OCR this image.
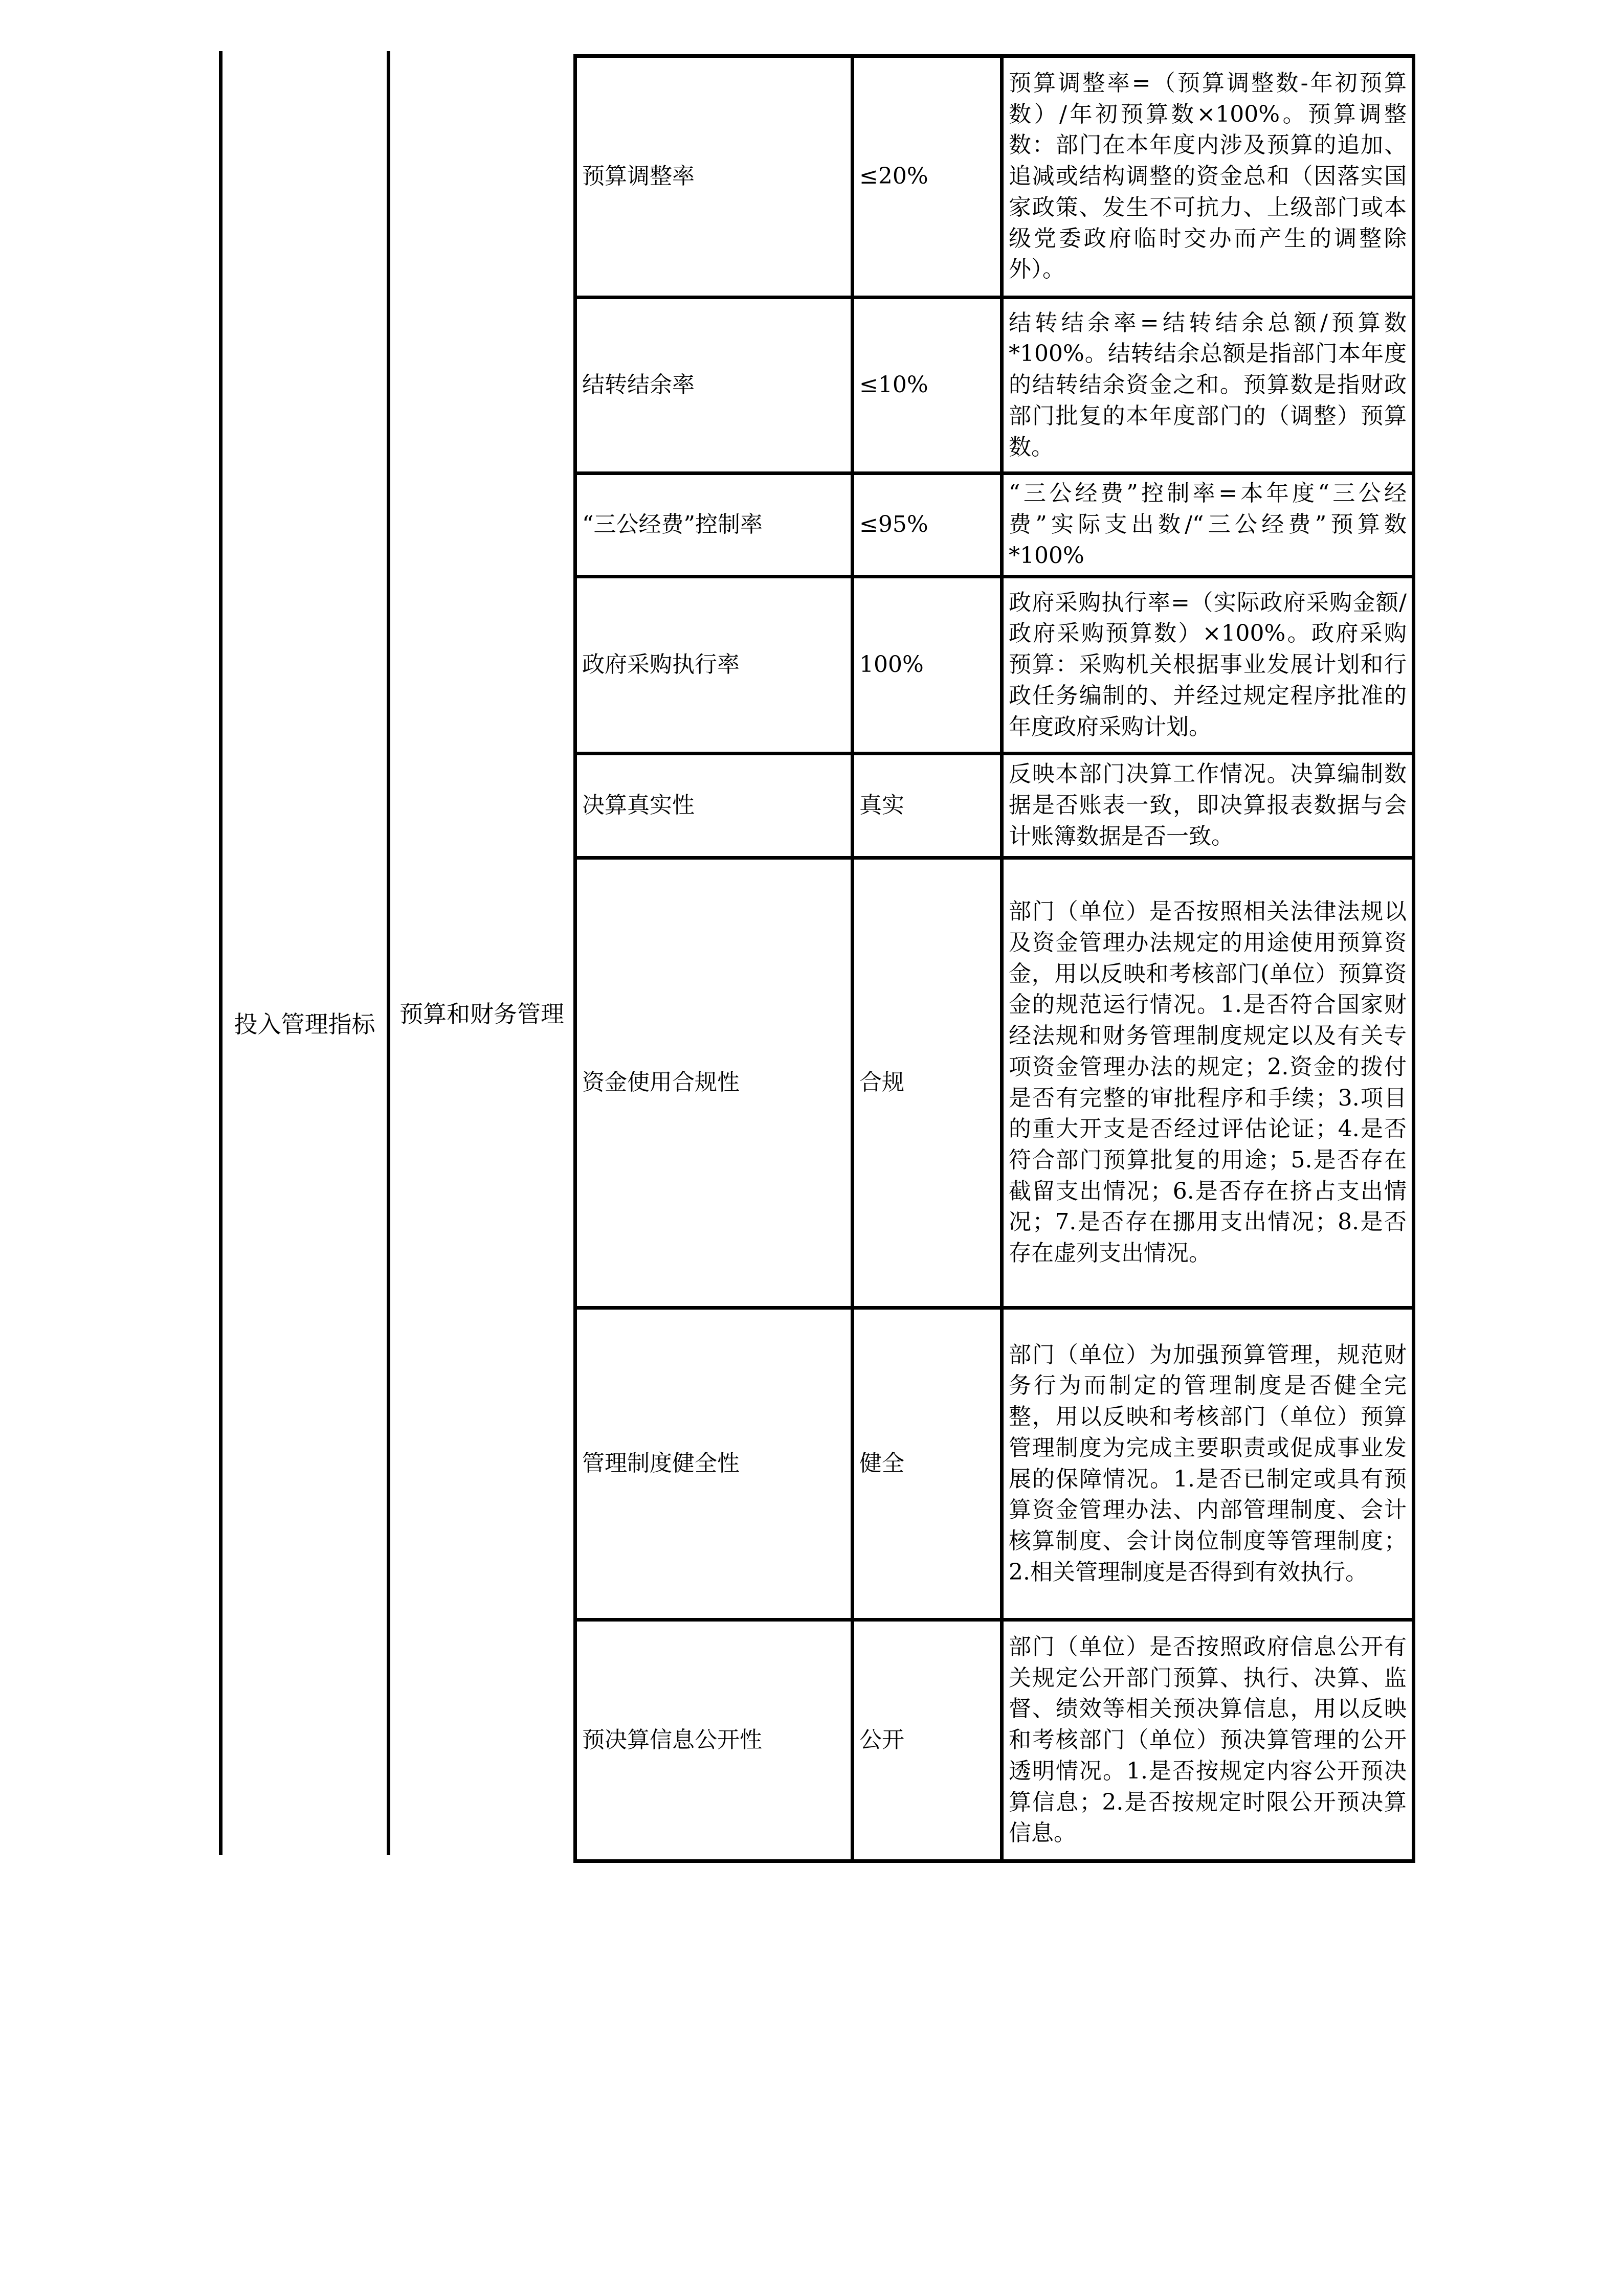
投入管理指标 预算和财务管理
预算调整率	≤20%	预算调整率=（预算调整数-年初预算数）/年初预算数×100%。预算调整数：部门在本年度内涉及预算的追加、追减或结构调整的资金总和（因落实国家政策、发生不可抗力、上级部门或本级党委政府临时交办而产生的调整除外）。
结转结余率	≤10%	结转结余率=结转结余总额/预算数*100%。结转结余总额是指部门本年度的结转结余资金之和。预算数是指财政部门批复的本年度部门的（调整）预算数。
“三公经费”控制率	≤95%	“三公经费”控制率=本年度“三公经费”实际支出数/“三公经费”预算数*100%
政府采购执行率	100%	政府采购执行率=（实际政府采购金额/政府采购预算数）×100%。政府采购预算：采购机关根据事业发展计划和行政任务编制的、并经过规定程序批准的年度政府采购计划。
决算真实性	真实	反映本部门决算工作情况。决算编制数据是否账表一致，即决算报表数据与会计账簿数据是否一致。
资金使用合规性	合规	部门（单位）是否按照相关法律法规以及资金管理办法规定的用途使用预算资金，用以反映和考核部门(单位）预算资金的规范运行情况。1.是否符合国家财经法规和财务管理制度规定以及有关专项资金管理办法的规定；2.资金的拨付是否有完整的审批程序和手续；3.项目的重大开支是否经过评估论证；4.是否符合部门预算批复的用途；5.是否存在截留支出情况；6.是否存在挤占支出情况；7.是否存在挪用支出情况；8.是否存在虚列支出情况。
管理制度健全性	健全	部门（单位）为加强预算管理，规范财务行为而制定的管理制度是否健全完整，用以反映和考核部门（单位）预算管理制度为完成主要职责或促成事业发展的保障情况。1.是否已制定或具有预算资金管理办法、内部管理制度、会计核算制度、会计岗位制度等管理制度；2.相关管理制度是否得到有效执行。
预决算信息公开性	公开	部门（单位）是否按照政府信息公开有关规定公开部门预算、执行、决算、监督、绩效等相关预决算信息，用以反映和考核部门（单位）预决算管理的公开透明情况。1.是否按规定内容公开预决算信息；2.是否按规定时限公开预决算信息。
